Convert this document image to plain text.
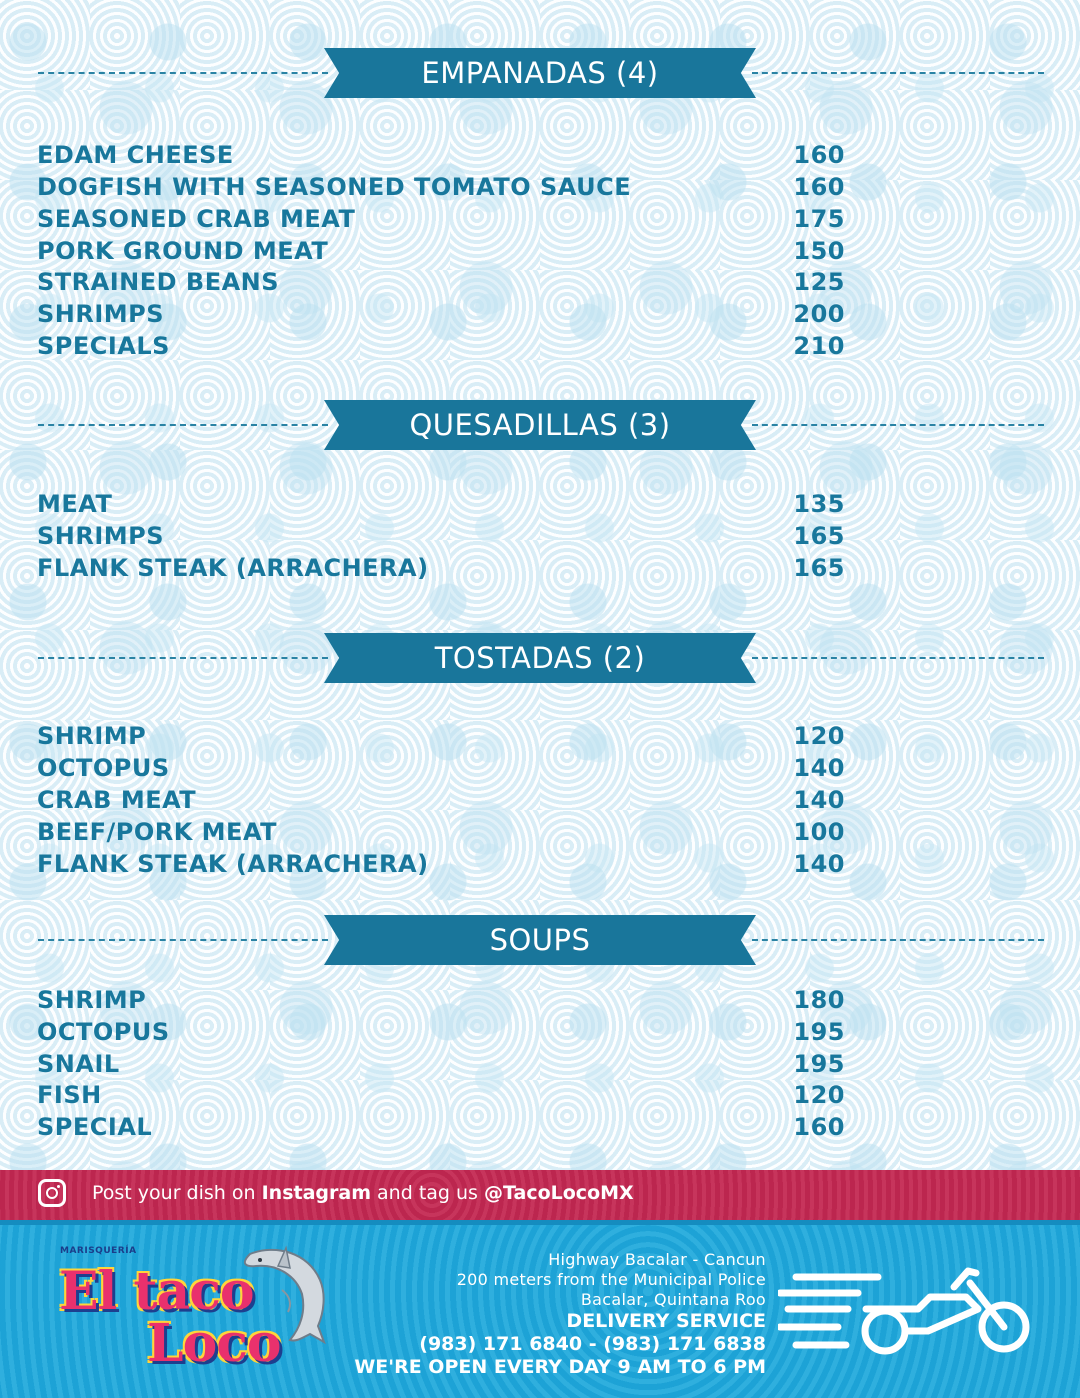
EMPANADAS (4)
EDAM CHEESE	160
DOGFISH WITH SEASONED TOMATO SAUCE	160
SEASONED CRAB MEAT	175
PORK GROUND MEAT	150
STRAINED BEANS	125
SHRIMPS	200
SPECIALS	210
QUESADILLAS (3)
MEAT	135
SHRIMPS	165
FLANK STEAK (ARRACHERA)	165
TOSTADAS (2)
SHRIMP	120
OCTOPUS	140
CRAB MEAT	140
BEEF/PORK MEAT	100
FLANK STEAK (ARRACHERA)	140
SOUPS
SHRIMP	180
OCTOPUS	195
SNAIL	195
FISH	120
SPECIAL	160
Post your dish on Instagram and tag us @TacoLocoMX
MARISQUERÍA
El taco
Loco
Highway Bacalar - Cancun
200 meters from the Municipal Police
Bacalar, Quintana Roo
DELIVERY SERVICE
(983) 171 6840 - (983) 171 6838
WE'RE OPEN EVERY DAY 9 AM TO 6 PM
